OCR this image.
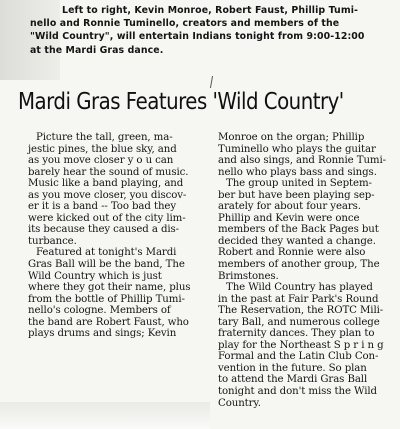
Left to right, Kevin Monroe, Robert Faust, Phillip Tumi-
nello and Ronnie Tuminello, creators and members of the
"Wild Country", will entertain Indians tonight from 9:00-12:00
at the Mardi Gras dance.
Mardi Gras Features 'Wild Country'
Picture the tall, green, ma-
jestic pines, the blue sky, and
as you move closer y o u can
barely hear the sound of music.
Music like a band playing, and
as you move closer, you discov-
er it is a band -- Too bad they
were kicked out of the city lim-
its because they caused a dis-
turbance.
Featured at tonight's Mardi
Gras Ball will be the band, The
Wild Country which is just
where they got their name, plus
from the bottle of Phillip Tumi-
nello's cologne. Members of
the band are Robert Faust, who
plays drums and sings; Kevin
Monroe on the organ; Phillip
Tuminello who plays the guitar
and also sings, and Ronnie Tumi-
nello who plays bass and sings.
The group united in Septem-
ber but have been playing sep-
arately for about four years.
Phillip and Kevin were once
members of the Back Pages but
decided they wanted a change.
Robert and Ronnie were also
members of another group, The
Brimstones.
The Wild Country has played
in the past at Fair Park's Round
The Reservation, the ROTC Mili-
tary Ball, and numerous college
fraternity dances. They plan to
play for the Northeast S p r i n g
Formal and the Latin Club Con-
vention in the future. So plan
to attend the Mardi Gras Ball
tonight and don't miss the Wild
Country.
